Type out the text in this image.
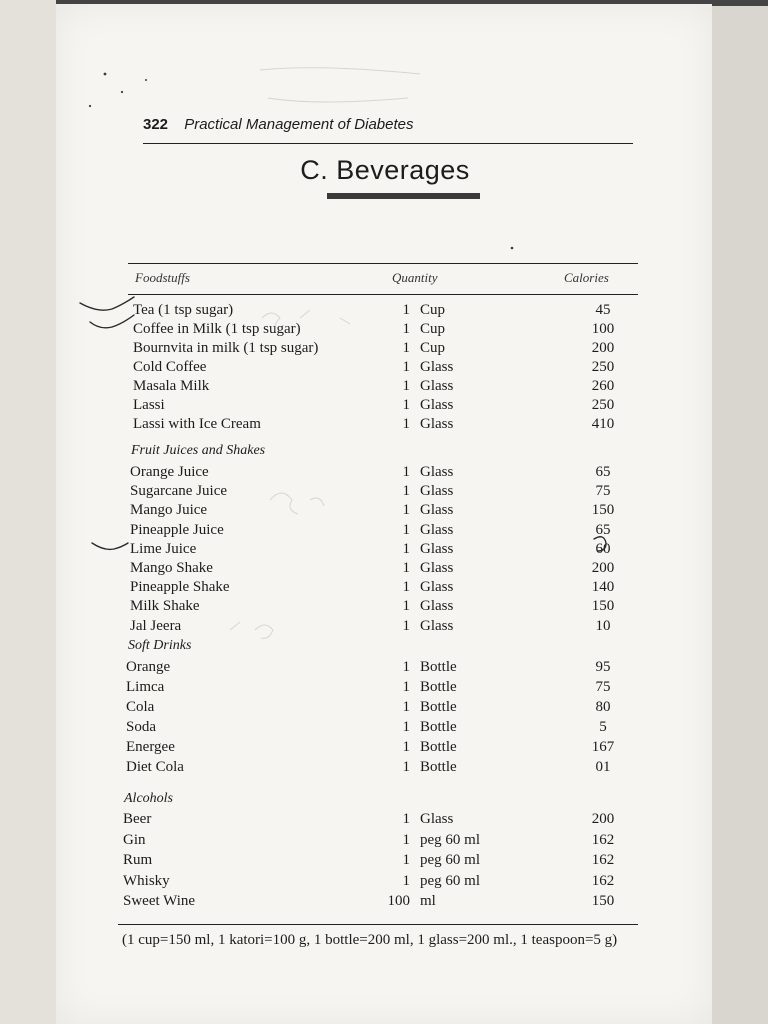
322 Practical Management of Diabetes
C. Beverages
Foodstuffs	Quantity	Calories
Tea (1 tsp sugar)	1 Cup	45
Coffee in Milk (1 tsp sugar)	1 Cup	100
Bournvita in milk (1 tsp sugar)	1 Cup	200
Cold Coffee	1 Glass	250
Masala Milk	1 Glass	260
Lassi	1 Glass	250
Lassi with Ice Cream	1 Glass	410
Fruit Juices and Shakes
Orange Juice	1 Glass	65
Sugarcane Juice	1 Glass	75
Mango Juice	1 Glass	150
Pineapple Juice	1 Glass	65
Lime Juice	1 Glass	60
Mango Shake	1 Glass	200
Pineapple Shake	1 Glass	140
Milk Shake	1 Glass	150
Jal Jeera	1 Glass	10
Soft Drinks
Orange	1 Bottle	95
Limca	1 Bottle	75
Cola	1 Bottle	80
Soda	1 Bottle	5
Energee	1 Bottle	167
Diet Cola	1 Bottle	01
Alcohols
Beer	1 Glass	200
Gin	1 peg 60 ml	162
Rum	1 peg 60 ml	162
Whisky	1 peg 60 ml	162
Sweet Wine	100 ml	150
(1 cup=150 ml, 1 katori=100 g, 1 bottle=200 ml, 1 glass=200 ml., 1 teaspoon=5 g)
